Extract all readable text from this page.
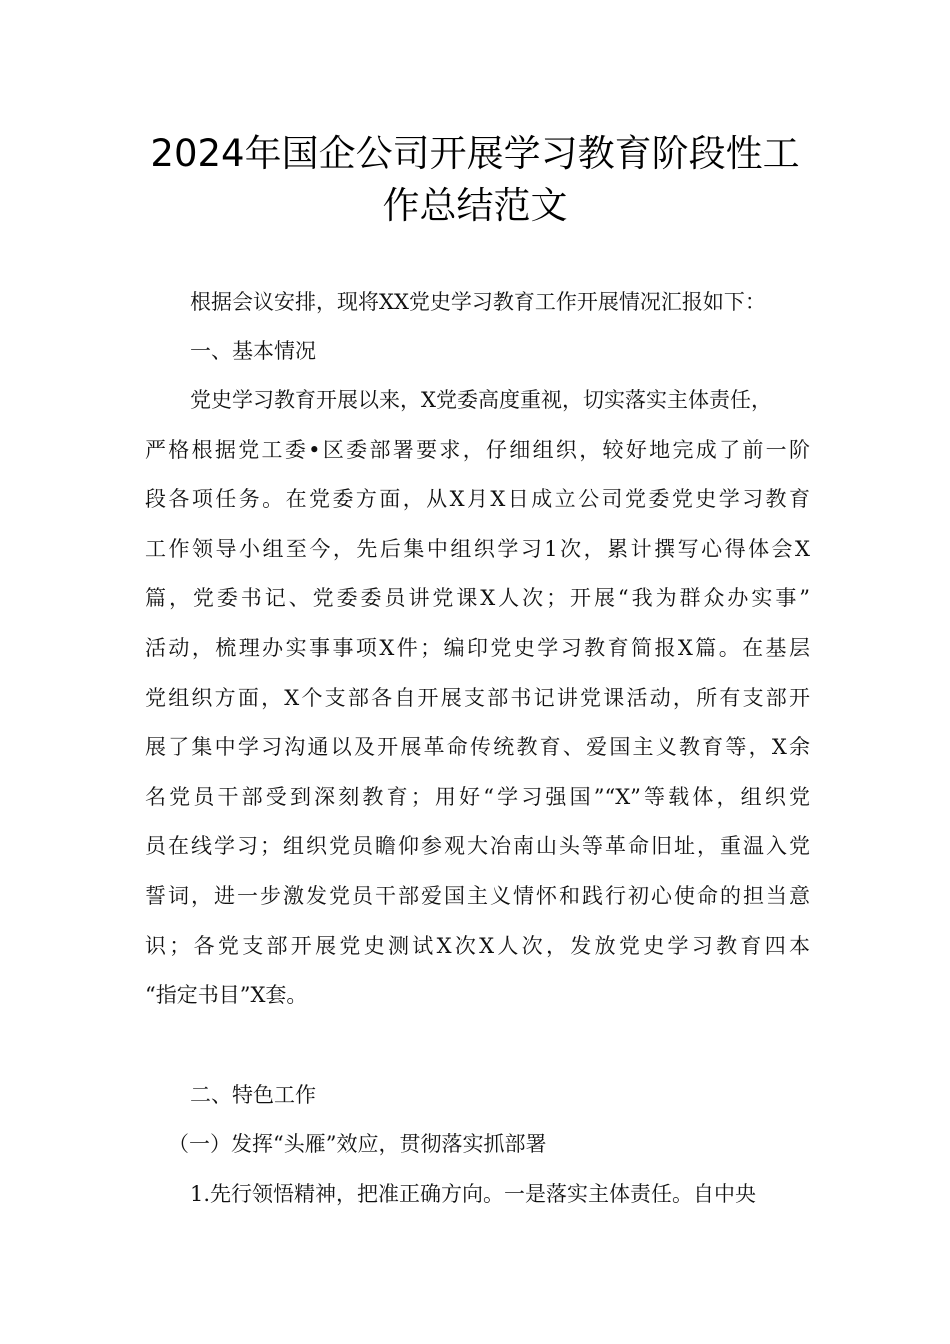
2024年国企公司开展学习教育阶段性工
作总结范文

根据会议安排，现将XX党史学习教育工作开展情况汇报如下：

一、基本情况

党史学习教育开展以来，X党委高度重视，切实落实主体责任，
严格根据党工委•区委部署要求，仔细组织，较好地完成了前一阶
段各项任务。在党委方面，从X月X日成立公司党委党史学习教育
工作领导小组至今，先后集中组织学习1次，累计撰写心得体会X
篇，党委书记、党委委员讲党课X人次；开展“我为群众办实事”
活动，梳理办实事事项X件；编印党史学习教育简报X篇。在基层
党组织方面，X个支部各自开展支部书记讲党课活动，所有支部开
展了集中学习沟通以及开展革命传统教育、爱国主义教育等，X余
名党员干部受到深刻教育；用好“学习强国”“X”等载体，组织党
员在线学习；组织党员瞻仰参观大冶南山头等革命旧址，重温入党
誓词，进一步激发党员干部爱国主义情怀和践行初心使命的担当意
识；各党支部开展党史测试X次X人次，发放党史学习教育四本
“指定书目”X套。

二、特色工作

（一）发挥“头雁”效应，贯彻落实抓部署

1.先行领悟精神，把准正确方向。一是落实主体责任。自中央
